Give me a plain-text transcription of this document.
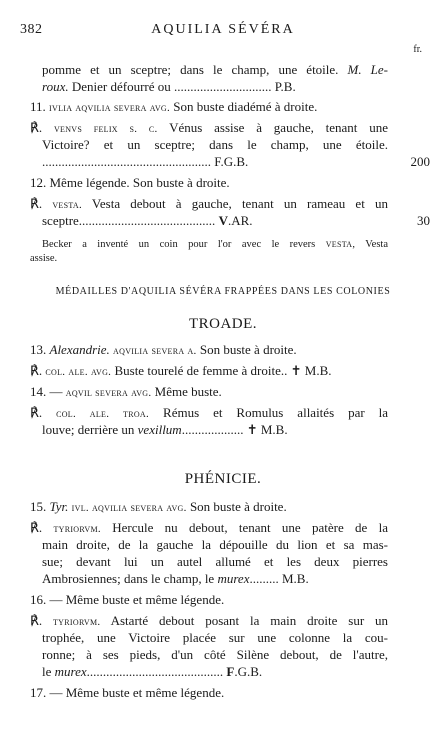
382	AQUILIA SÉVÉRA
fr.
pomme et un sceptre; dans le champ, une étoile. M. Le-
roux. Denier défourré ou .............................. P.B.
11. ivlia aqvilia severa avg. Son buste diadémé à droite.
℟. venvs felix s. c. Vénus assise à gauche, tenant une
Victoire? et un sceptre; dans le champ, une étoile.
.................................................... F.G.B.
12. Même légende. Son buste à droite.
℟. vesta. Vesta debout à gauche, tenant un rameau et un
sceptre.......................................... V.AR.
Becker a inventé un coin pour l'or avec le revers vesta, Vesta
assise.
13. Alexandrie. aqvilia severa a. Son buste à droite.
℟. col. ale. avg. Buste tourelé de femme à droite.. ✝ M.B.
14. — aqvil severa avg. Même buste.
℟. col. ale. troa. Rémus et Romulus allaités par la
louve; derrière un vexillum................... ✝ M.B.
15. Tyr. ivl. aqvilia severa avg. Son buste à droite.
℟. tyriorvm. Hercule nu debout, tenant une patère de la
main droite, de la gauche la dépouille du lion et sa mas-
sue; devant lui un autel allumé et les deux pierres
Ambrosiennes; dans le champ, le murex......... M.B.
16. — Même buste et même légende.
℟. tyriorvm. Astarté debout posant la main droite sur un
trophée, une Victoire placée sur une colonne la cou-
ronne; à ses pieds, d'un côté Silène debout, de l'autre,
le murex.......................................... F.G.B.
17. — Même buste et même légende.
MÉDAILLES D'AQUILIA SÉVÉRA FRAPPÉES DANS LES COLONIES
TROADE.
PHÉNICIE.
200
30
